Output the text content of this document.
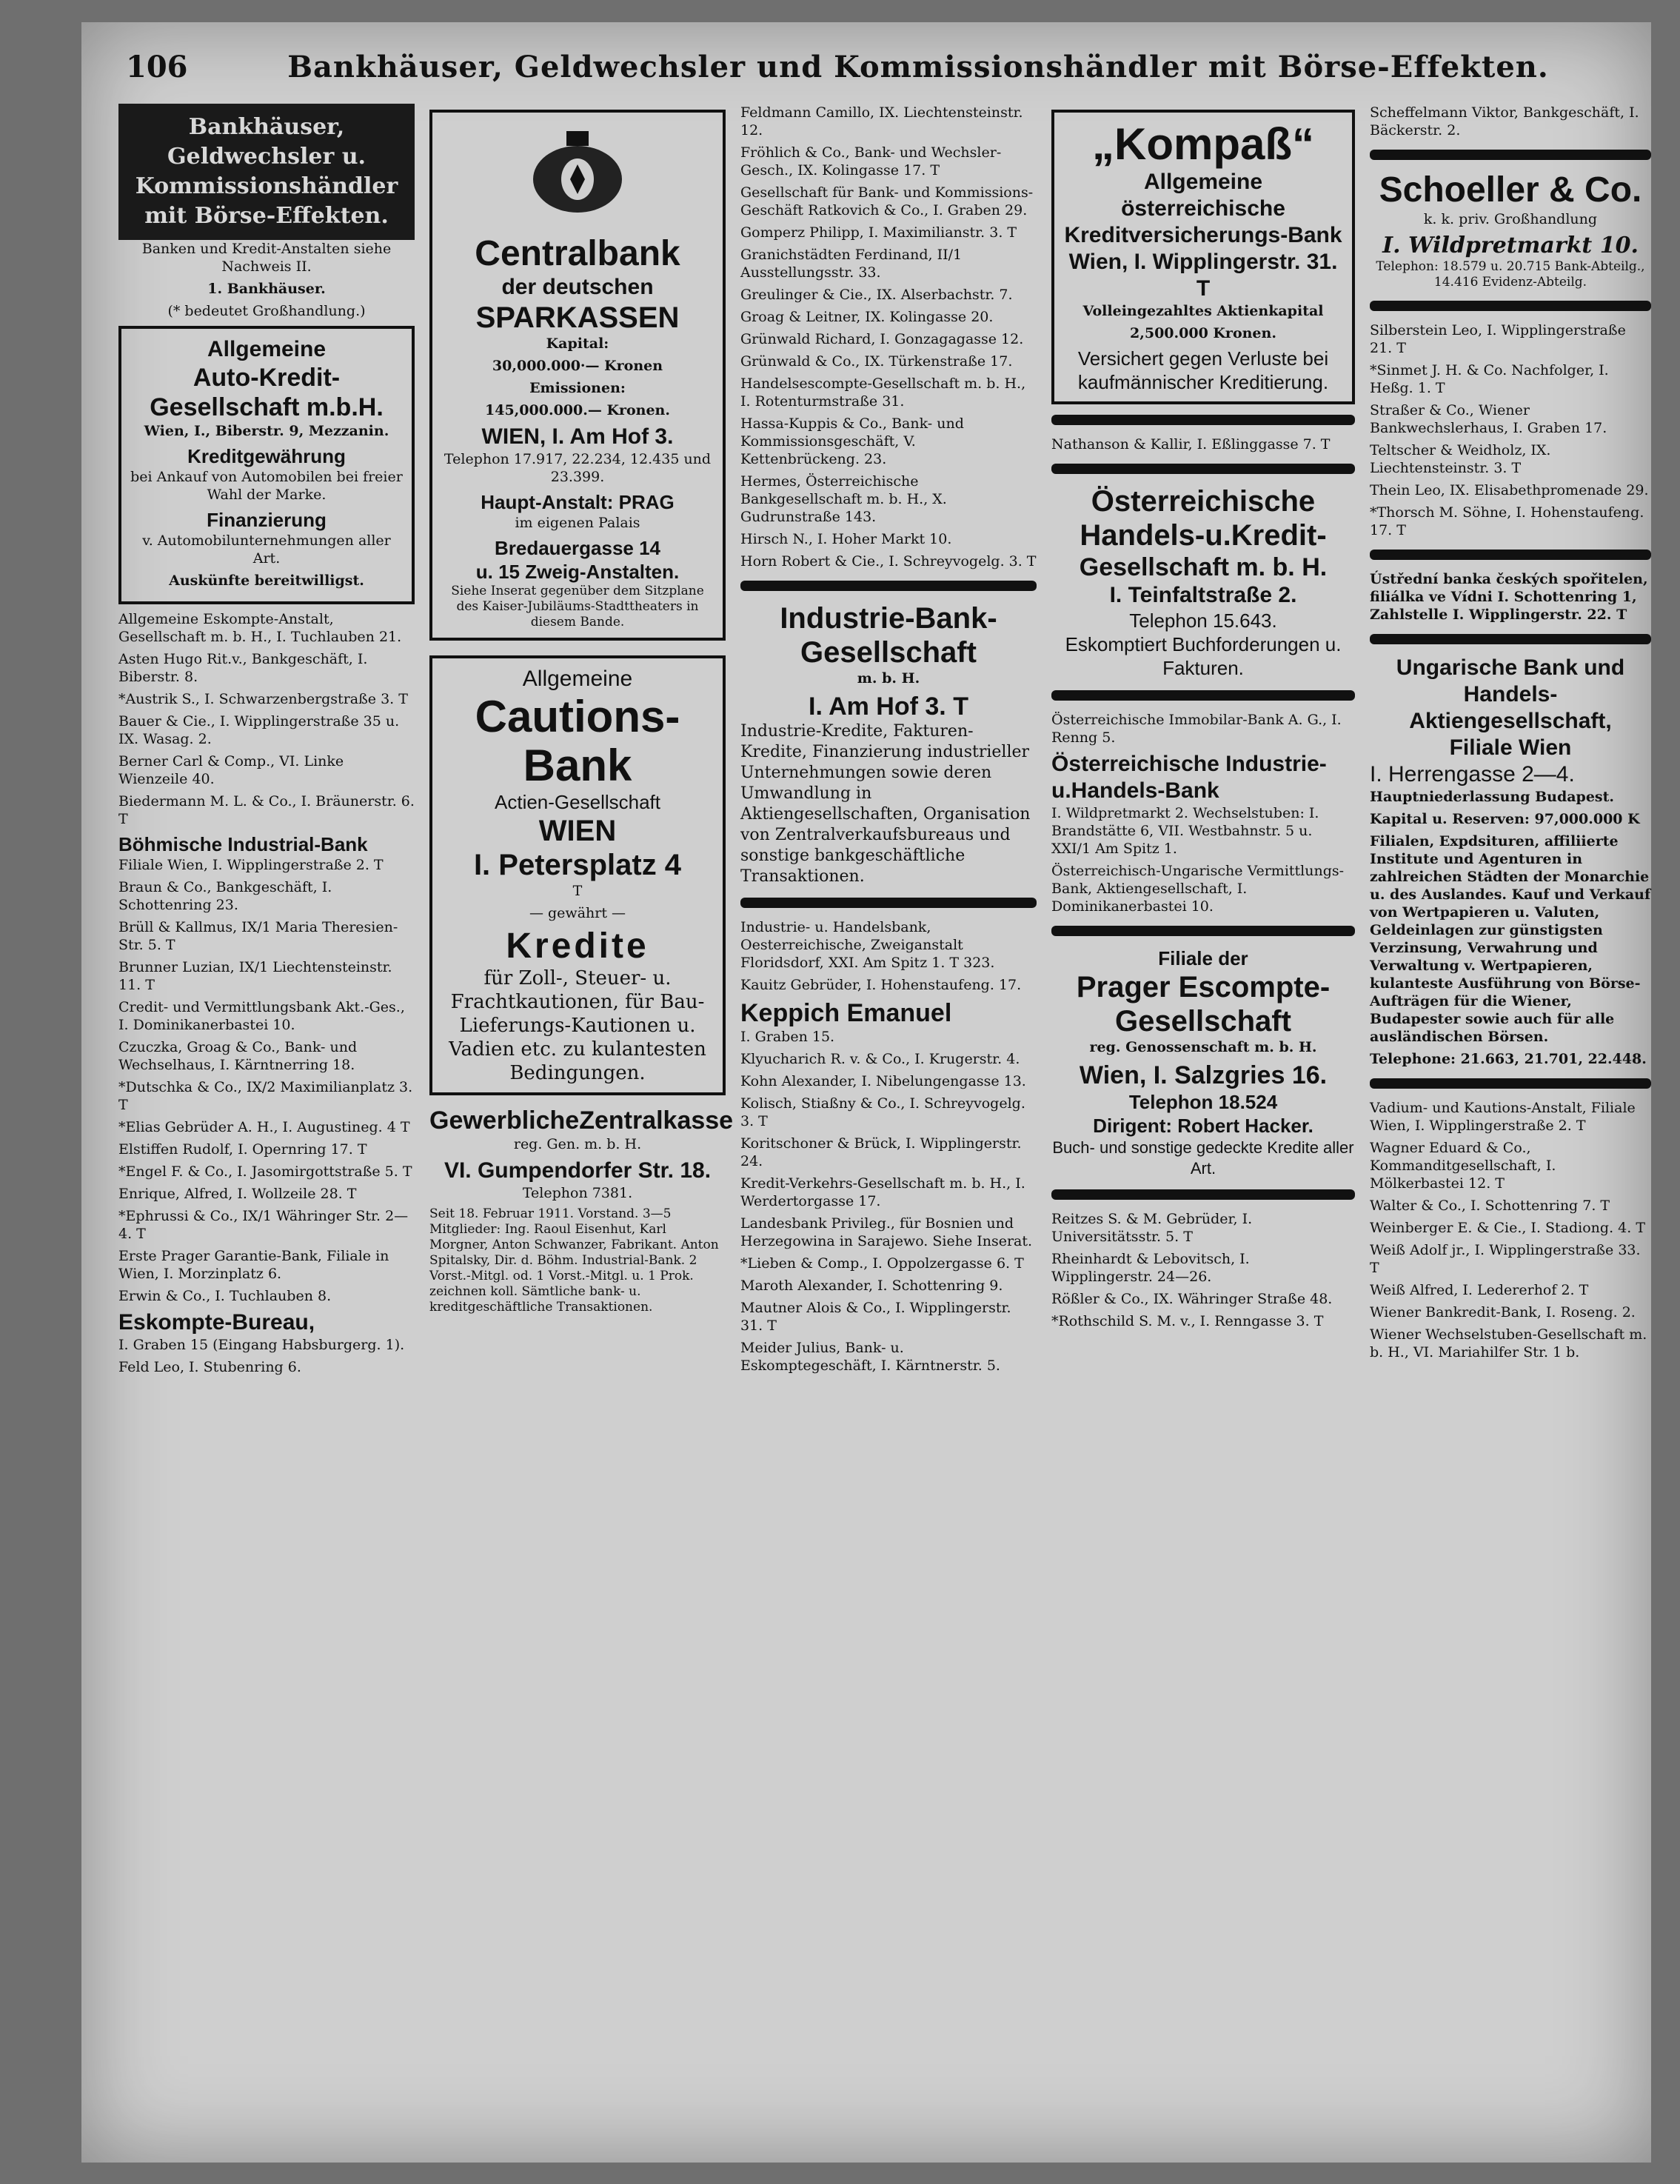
106	Bankhäuser, Geldwechsler und Kommissionshändler mit Börse-Effekten.
Bankhäuser, Geldwechsler u. Kommissionshändler mit Börse-Effekten.

Banken und Kredit-Anstalten siehe Nachweis II.

1. Bankhäuser.

(* bedeutet Großhandlung.)

Allgemeine
Auto-Kredit-
Gesellschaft m.b.H.
Wien, I., Biberstr. 9, Mezzanin.
Kreditgewährung
bei Ankauf von Automobilen bei freier Wahl der Marke.
Finanzierung
v. Automobilunternehmungen aller Art.
Auskünfte bereitwilligst.

Allgemeine Eskompte-Anstalt, Gesellschaft m. b. H., I. Tuchlauben 21.

Asten Hugo Rit.v., Bankgeschäft, I. Biberstr. 8.

*Austrik S., I. Schwarzenbergstraße 3. T

Bauer & Cie., I. Wipplingerstraße 35 u. IX. Wasag. 2.

Berner Carl & Comp., VI. Linke Wienzeile 40.

Biedermann M. L. & Co., I. Bräunerstr. 6. T

Böhmische Industrial-Bank

Filiale Wien, I. Wipplingerstraße 2. T

Braun & Co., Bankgeschäft, I. Schottenring 23.

Brüll & Kallmus, IX/1 Maria Theresien-Str. 5. T

Brunner Luzian, IX/1 Liechtensteinstr. 11. T

Credit- und Vermittlungsbank Akt.-Ges., I. Dominikanerbastei 10.

Czuczka, Groag & Co., Bank- und Wechselhaus, I. Kärntnerring 18.

*Dutschka & Co., IX/2 Maximilianplatz 3. T

*Elias Gebrüder A. H., I. Augustineg. 4 T

Elstiffen Rudolf, I. Opernring 17. T

*Engel F. & Co., I. Jasomirgottstraße 5. T

Enrique, Alfred, I. Wollzeile 28. T

*Ephrussi & Co., IX/1 Währinger Str. 2—4. T

Erste Prager Garantie-Bank, Filiale in Wien, I. Morzinplatz 6.

Erwin & Co., I. Tuchlauben 8.

Eskompte-Bureau,

I. Graben 15 (Eingang Habsburgerg. 1).

Feld Leo, I. Stubenring 6.

Centralbank
der deutschen
SPARKASSEN
Kapital:
30,000.000·— Kronen
Emissionen:
145,000.000.— Kronen.
WIEN, I. Am Hof 3.
Telephon 17.917, 22.234, 12.435 und 23.399.
Haupt-Anstalt: PRAG
im eigenen Palais
Bredauergasse 14
u. 15 Zweig-Anstalten.
Siehe Inserat gegenüber dem Sitzplane des Kaiser-Jubiläums-Stadttheaters in diesem Bande.
Allgemeine
Cautions-
Bank
Actien-Gesellschaft
WIEN
I. Petersplatz 4
T
— gewährt —
Kredite
für Zoll-, Steuer- u. Frachtkautionen, für Bau-Lieferungs-Kautionen u. Vadien etc. zu kulantesten Bedingungen.
GewerblicheZentralkasse
reg. Gen. m. b. H.
VI. Gumpendorfer Str. 18.
Telephon 7381.
Seit 18. Februar 1911. Vorstand. 3—5 Mitglieder: Ing. Raoul Eisenhut, Karl Morgner, Anton Schwanzer, Fabrikant. Anton Spitalsky, Dir. d. Böhm. Industrial-Bank. 2 Vorst.-Mitgl. od. 1 Vorst.-Mitgl. u. 1 Prok. zeichnen koll. Sämtliche bank- u. kreditgeschäftliche Transaktionen.

Feldmann Camillo, IX. Liechtensteinstr. 12.

Fröhlich & Co., Bank- und Wechsler-Gesch., IX. Kolingasse 17. T

Gesellschaft für Bank- und Kommissions-Geschäft Ratkovich & Co., I. Graben 29.

Gomperz Philipp, I. Maximilianstr. 3. T

Granichstädten Ferdinand, II/1 Ausstellungsstr. 33.

Greulinger & Cie., IX. Alserbachstr. 7.

Groag & Leitner, IX. Kolingasse 20.

Grünwald Richard, I. Gonzagagasse 12.

Grünwald & Co., IX. Türkenstraße 17.

Handelsescompte-Gesellschaft m. b. H., I. Rotenturmstraße 31.

Hassa-Kuppis & Co., Bank- und Kommissionsgeschäft, V. Kettenbrückeng. 23.

Hermes, Österreichische Bankgesellschaft m. b. H., X. Gudrunstraße 143.

Hirsch N., I. Hoher Markt 10.

Horn Robert & Cie., I. Schreyvogelg. 3. T

Industrie-Bank-
Gesellschaft
m. b. H.
I. Am Hof 3. T
Industrie-Kredite, Fakturen-Kredite, Finanzierung industrieller Unternehmungen sowie deren Umwandlung in Aktiengesellschaften, Organisation von Zentralverkaufsbureaus und sonstige bankgeschäftliche Transaktionen.

Industrie- u. Handelsbank, Oesterreichische, Zweiganstalt Floridsdorf, XXI. Am Spitz 1. T 323.

Kauitz Gebrüder, I. Hohenstaufeng. 17.

Keppich Emanuel

I. Graben 15.

Klyucharich R. v. & Co., I. Krugerstr. 4.

Kohn Alexander, I. Nibelungengasse 13.

Kolisch, Stiaßny & Co., I. Schreyvogelg. 3. T

Koritschoner & Brück, I. Wipplingerstr. 24.

Kredit-Verkehrs-Gesellschaft m. b. H., I. Werdertorgasse 17.

Landesbank Privileg., für Bosnien und Herzegowina in Sarajewo. Siehe Inserat.

*Lieben & Comp., I. Oppolzergasse 6. T

Maroth Alexander, I. Schottenring 9.

Mautner Alois & Co., I. Wipplingerstr. 31. T

Meider Julius, Bank- u. Eskomptegeschäft, I. Kärntnerstr. 5.

„Kompaß“
Allgemeine
österreichische Kreditversicherungs-Bank
Wien, I. Wipplingerstr. 31. T
Volleingezahltes Aktienkapital
2,500.000 Kronen.
Versichert gegen Verluste bei kaufmännischer Kreditierung.

Nathanson & Kallir, I. Eßlinggasse 7. T

Österreichische
Handels-u.Kredit-
Gesellschaft m. b. H.
I. Teinfaltstraße 2.
Telephon 15.643.
Eskomptiert Buchforderungen u. Fakturen.

Österreichische Immobilar-Bank A. G., I. Renng 5.

Österreichische Industrie-u.Handels-Bank

I. Wildpretmarkt 2. Wechselstuben: I. Brandstätte 6, VII. Westbahnstr. 5 u. XXI/1 Am Spitz 1.

Österreichisch-Ungarische Vermittlungs-Bank, Aktiengesellschaft, I. Dominikanerbastei 10.

Filiale der
Prager Escompte-
Gesellschaft
reg. Genossenschaft m. b. H.
Wien, I. Salzgries 16.
Telephon 18.524
Dirigent: Robert Hacker.
Buch- und sonstige gedeckte Kredite aller Art.

Reitzes S. & M. Gebrüder, I. Universitätsstr. 5. T

Rheinhardt & Lebovitsch, I. Wipplingerstr. 24—26.

Rößler & Co., IX. Währinger Straße 48.

*Rothschild S. M. v., I. Renngasse 3. T

Scheffelmann Viktor, Bankgeschäft, I. Bäckerstr. 2.

Schoeller & Co.
k. k. priv. Großhandlung
I. Wildpretmarkt 10.
Telephon: 18.579 u. 20.715 Bank-Abteilg., 14.416 Evidenz-Abteilg.

Silberstein Leo, I. Wipplingerstraße 21. T

*Sinmet J. H. & Co. Nachfolger, I. Heßg. 1. T

Straßer & Co., Wiener Bankwechslerhaus, I. Graben 17.

Teltscher & Weidholz, IX. Liechtensteinstr. 3. T

Thein Leo, IX. Elisabethpromenade 29.

*Thorsch M. Söhne, I. Hohenstaufeng. 17. T

Ústřední banka českých spořitelen, filiálka ve Vídni I. Schottenring 1, Zahlstelle I. Wipplingerstr. 22. T

Ungarische Bank und
Handels-Aktiengesellschaft,
Filiale Wien
I. Herrengasse 2—4.
Hauptniederlassung Budapest.
Kapital u. Reserven: 97,000.000 K
Filialen, Expdsituren, affiliierte Institute und Agenturen in zahlreichen Städten der Monarchie u. des Auslandes. Kauf und Verkauf von Wertpapieren u. Valuten, Geldeinlagen zur günstigsten Verzinsung, Verwahrung und Verwaltung v. Wertpapieren, kulanteste Ausführung von Börse-Aufträgen für die Wiener, Budapester sowie auch für alle ausländischen Börsen.
Telephone: 21.663, 21.701, 22.448.

Vadium- und Kautions-Anstalt, Filiale Wien, I. Wipplingerstraße 2. T

Wagner Eduard & Co., Kommanditgesellschaft, I. Mölkerbastei 12. T

Walter & Co., I. Schottenring 7. T

Weinberger E. & Cie., I. Stadiong. 4. T

Weiß Adolf jr., I. Wipplingerstraße 33. T

Weiß Alfred, I. Ledererhof 2. T

Wiener Bankredit-Bank, I. Roseng. 2.

Wiener Wechselstuben-Gesellschaft m. b. H., VI. Mariahilfer Str. 1 b.
